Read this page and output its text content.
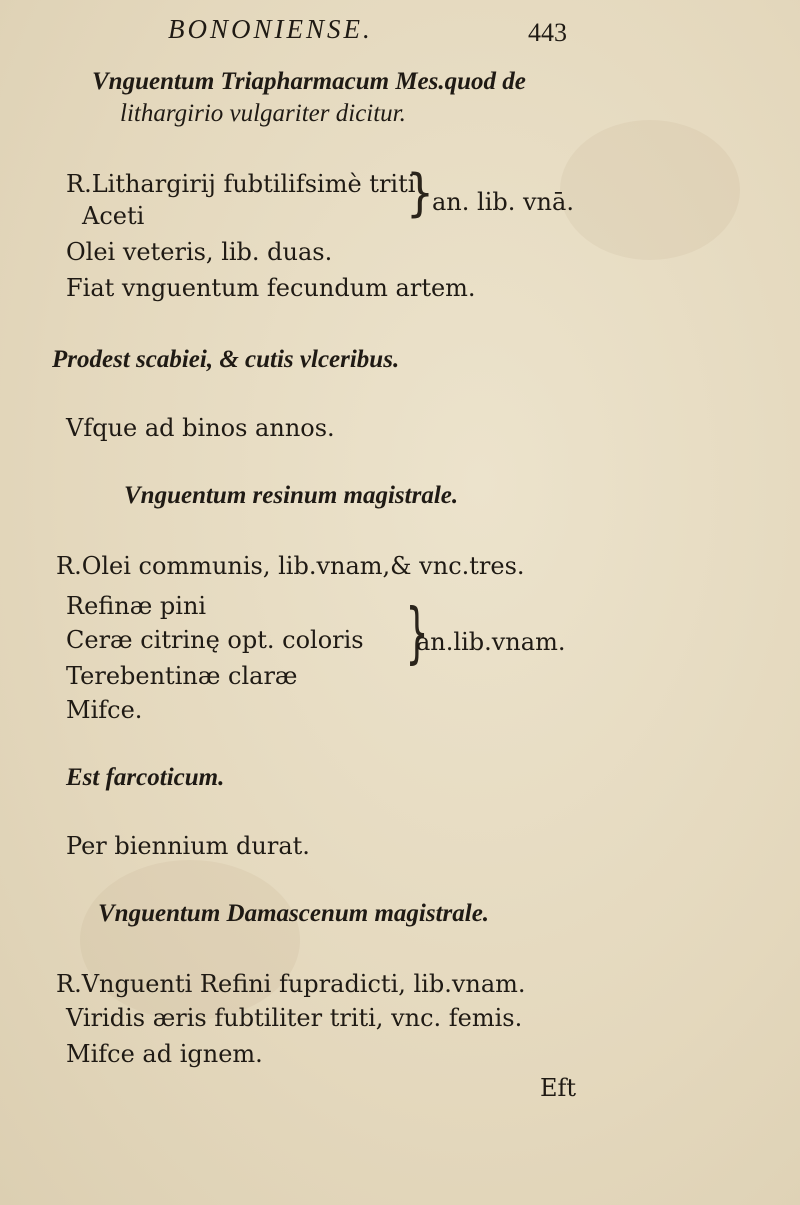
BONONIENSE.	443
Vnguentum Triapharmacum Mes.quod de
lithargirio vulgariter dicitur.
R.Lithargirij fubtilifsimè triti
Aceti	}
an. lib. vnā.
Olei veteris, lib. duas.
Fiat vnguentum fecundum artem.
Prodest scabiei, & cutis vlceribus.
Vfque ad binos annos.
Vnguentum resinum magistrale.
R.Olei communis, lib.vnam,& vnc.tres.
Refinæ pini
Ceræ citrinę opt. coloris
Terebentinæ claræ
}
an.lib.vnam.
Mifce.
Est farcoticum.
Per biennium durat.
Vnguentum Damascenum magistrale.
R.Vnguenti Refini fupradicti, lib.vnam.
Viridis æris fubtiliter triti, vnc. femis.
Mifce ad ignem.
Eft
